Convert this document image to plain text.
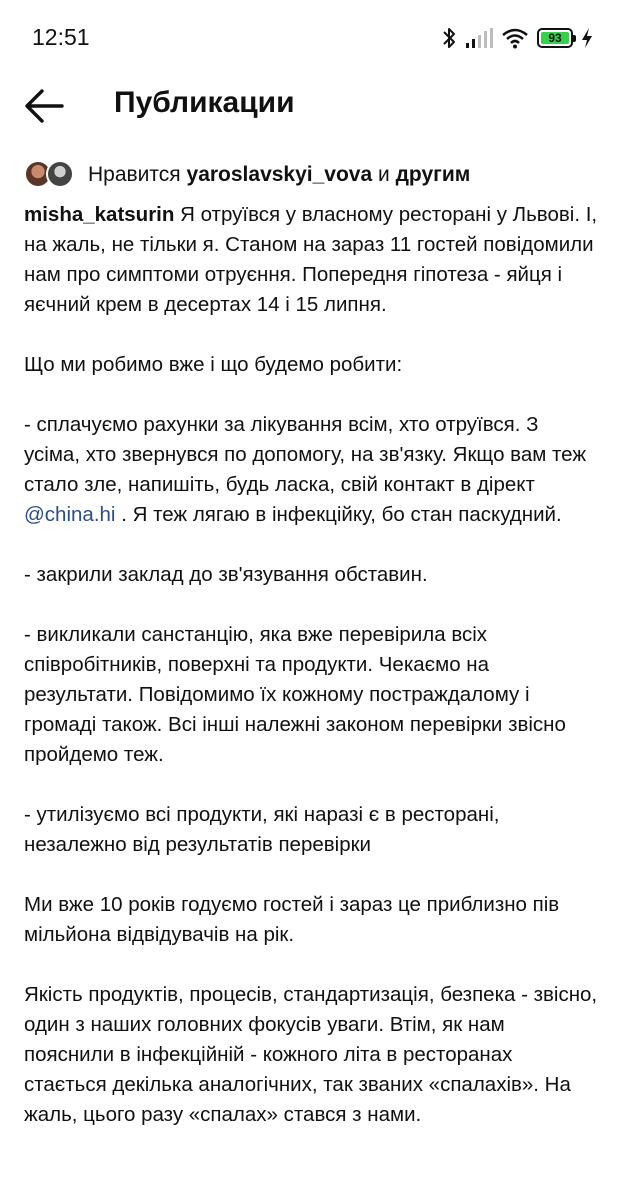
12:51	93
Публикации
Нравится yaroslavskyi_vova и другим

misha_katsurin Я отруївся у власному ресторані у Львові. І, на жаль, не тільки я. Станом на зараз 11 гостей повідомили нам про симптоми отруєння. Попередня гіпотеза - яйця і яєчний крем в десертах 14 і 15 липня.

Що ми робимо вже і що будемо робити:

- сплачуємо рахунки за лікування всім, хто отруївся. З усіма, хто звернувся по допомогу, на зв'язку. Якщо вам теж стало зле, напишіть, будь ласка, свій контакт в дірект @china.hi . Я теж лягаю в інфекційку, бо стан паскудний.

- закрили заклад до зв'язування обставин.

- викликали санстанцію, яка вже перевірила всіх співробітників, поверхні та продукти. Чекаємо на результати. Повідомимо їх кожному постраждалому і громаді також. Всі інші належні законом перевірки звісно пройдемо теж.

- утилізуємо всі продукти, які наразі є в ресторані, незалежно від результатів перевірки

Ми вже 10 років годуємо гостей і зараз це приблизно пів мільйона відвідувачів на рік.

Якість продуктів, процесів, стандартизація, безпека - звісно, один з наших головних фокусів уваги. Втім, як нам пояснили в інфекційній - кожного літа в ресторанах стається декілька аналогічних, так званих «спалахів». На жаль, цього разу «спалах» стався з нами.
